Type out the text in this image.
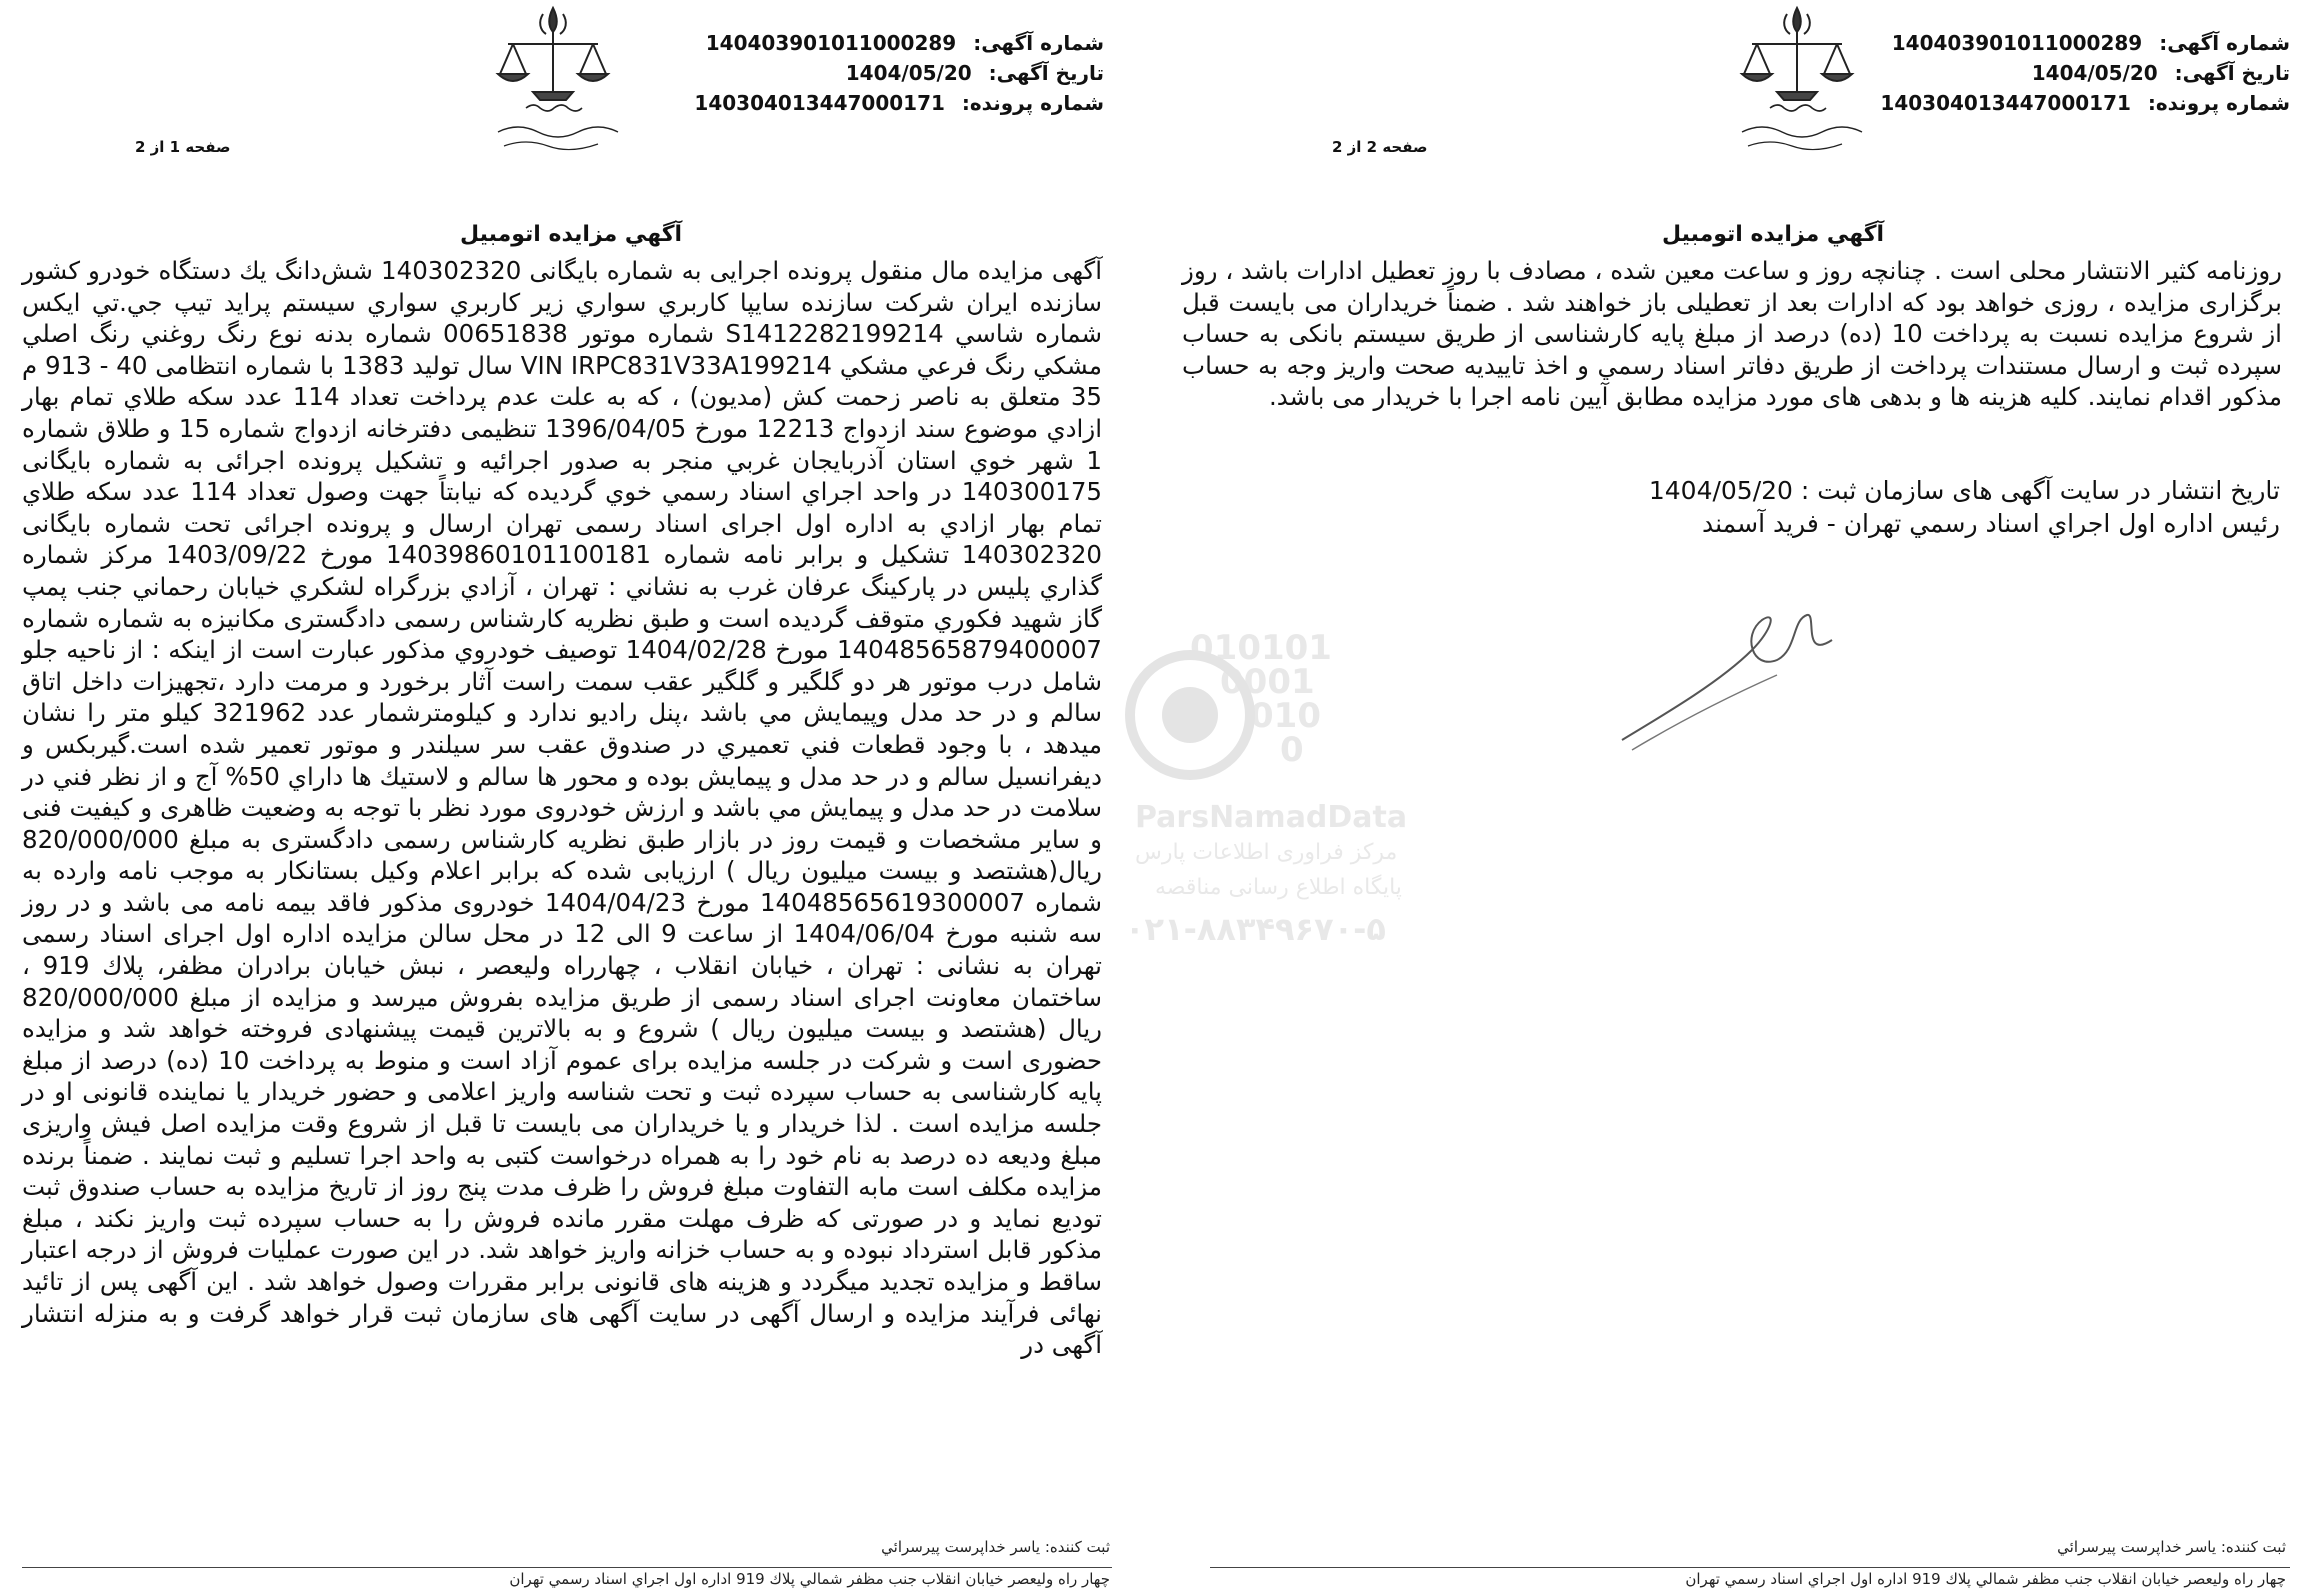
شماره آگهی: 140403901011000289
تاریخ آگهی: 1404/05/20
شماره پرونده: 140304013447000171
صفحه 1 از 2
آگهي مزايده اتومبيل
آگهی مزایده مال منقول پرونده اجرایی به شماره بایگانی 140302320 شش‌دانگ یك دستگاه خودرو كشور سازنده ایران شركت سازنده سايپا كاربري سواري زير كاربري سواري سيستم پرايد تيپ جي.تي ايكس شماره شاسي S1412282199214 شماره موتور 00651838 شماره بدنه نوع رنگ روغني رنگ اصلي مشكي رنگ فرعي مشكي VIN IRPC831V33A199214 سال توليد 1383 با شماره انتظامی 40 - 913 م 35 متعلق به ناصر زحمت كش (مديون) ، كه به علت عدم پرداخت تعداد 114 عدد سكه طلاي تمام بهار ازادي موضوع سند ازدواج 12213 مورخ 1396/04/05 تنظيمی دفترخانه ازدواج شماره 15 و طلاق شماره 1 شهر خوي استان آذربايجان غربي منجر به صدور اجرائيه و تشكيل پرونده اجرائی به شماره بايگانی 140300175 در واحد اجراي اسناد رسمي خوي گرديده كه نيابتاً جهت وصول تعداد 114 عدد سكه طلاي تمام بهار ازادي به اداره اول اجرای اسناد رسمی تهران ارسال و پرونده اجرائی تحت شماره بايگانی 140302320 تشكيل و برابر نامه شماره 14039860101100181 مورخ 1403/09/22 مركز شماره گذاري پليس در پاركينگ عرفان غرب به نشاني : تهران ، آزادي بزرگراه لشكري خيابان رحماني جنب پمپ گاز شهيد فكوري متوقف گرديده است و طبق نظريه كارشناس رسمی دادگستری مكانيزه به شماره شماره 14048565879400007 مورخ 1404/02/28 توصيف خودروي مذكور عبارت است از اينكه : از ناحيه جلو شامل درب موتور هر دو گلگير و گلگير عقب سمت راست آثار برخورد و مرمت دارد ،تجهيزات داخل اتاق سالم و در حد مدل وپيمايش مي باشد ،پنل راديو ندارد و كيلومترشمار عدد 321962 كيلو متر را نشان ميدهد ، با وجود قطعات فني تعميري در صندوق عقب سر سيلندر و موتور تعمير شده است.گيربكس و ديفرانسيل سالم و در حد مدل و پيمايش بوده و محور ها سالم و لاستيك ها داراي 50% آج و از نظر فني در سلامت در حد مدل و پيمايش مي باشد و ارزش خودروی مورد نظر با توجه به وضعيت ظاهری و كيفيت فنی و ساير مشخصات و قيمت روز در بازار طبق نظريه كارشناس رسمی دادگستری به مبلغ 820/000/000 ريال(هشتصد و بيست ميليون ريال ) ارزيابی شده كه برابر اعلام وكيل بستانكار به موجب نامه وارده به شماره 14048565619300007 مورخ 1404/04/23 خودروی مذكور فاقد بيمه نامه می باشد و در روز سه شنبه مورخ 1404/06/04 از ساعت 9 الی 12 در محل سالن مزايده اداره اول اجرای اسناد رسمی تهران به نشانی : تهران ، خيابان انقلاب ، چهارراه وليعصر ، نبش خيابان برادران مظفر، پلاك 919 ، ساختمان معاونت اجرای اسناد رسمی از طريق مزايده بفروش ميرسد و مزايده از مبلغ 820/000/000 ريال (هشتصد و بيست ميليون ريال ) شروع و به بالاترين قيمت پيشنهادی فروخته خواهد شد و مزايده حضوری است و شركت در جلسه مزايده برای عموم آزاد است و منوط به پرداخت 10 (ده) درصد از مبلغ پايه كارشناسی به حساب سپرده ثبت و تحت شناسه واريز اعلامی و حضور خريدار يا نماينده قانونی او در جلسه مزايده است . لذا خريدار و يا خريداران می بايست تا قبل از شروع وقت مزايده اصل فيش واريزی مبلغ وديعه ده درصد به نام خود را به همراه درخواست كتبی به واحد اجرا تسليم و ثبت نمايند . ضمناً برنده مزايده مكلف است مابه التفاوت مبلغ فروش را ظرف مدت پنج روز از تاريخ مزايده به حساب صندوق ثبت توديع نمايد و در صورتی كه ظرف مهلت مقرر مانده فروش را به حساب سپرده ثبت واريز نكند ، مبلغ مذكور قابل استرداد نبوده و به حساب خزانه واريز خواهد شد. در اين صورت عمليات فروش از درجه اعتبار ساقط و مزايده تجديد ميگردد و هزينه های قانونی برابر مقررات وصول خواهد شد . اين آگهی پس از تائيد نهائی فرآيند مزايده و ارسال آگهی در سايت آگهی های سازمان ثبت قرار خواهد گرفت و به منزله انتشار آگهی در
ثبت كننده: ياسر خداپرست پيرسرائي
چهار راه وليعصر خيابان انقلاب جنب مظفر شمالي پلاك 919 اداره اول اجراي اسناد رسمي تهران
شماره آگهی: 140403901011000289
تاریخ آگهی: 1404/05/20
شماره پرونده: 140304013447000171
صفحه 2 از 2
آگهي مزايده اتومبيل
روزنامه كثير الانتشار محلی است . چنانچه روز و ساعت معين شده ، مصادف با روز تعطيل ادارات باشد ، روز برگزاری مزايده ، روزی خواهد بود كه ادارات بعد از تعطيلی باز خواهند شد . ضمناً خريداران می بايست قبل از شروع مزايده نسبت به پرداخت 10 (ده) درصد از مبلغ پايه كارشناسی از طريق سيستم بانكی به حساب سپرده ثبت و ارسال مستندات پرداخت از طريق دفاتر اسناد رسمي و اخذ تاييديه صحت واريز وجه به حساب مذكور اقدام نمايند. كليه هزينه ها و بدهی های مورد مزايده مطابق آيين نامه اجرا با خريدار می باشد.
تاريخ انتشار در سايت آگهی های سازمان ثبت : 1404/05/20
رئيس اداره اول اجراي اسناد رسمي تهران - فريد آسمند
ثبت كننده: ياسر خداپرست پيرسرائي
چهار راه وليعصر خيابان انقلاب جنب مظفر شمالي پلاك 919 اداره اول اجراي اسناد رسمي تهران
010101
0001
010
0
ParsNamadData
مركز فراوری اطلاعات پارس
پايگاه اطلاع رسانی مناقصه
۰۲۱-۸۸۳۴۹۶۷۰-۵
